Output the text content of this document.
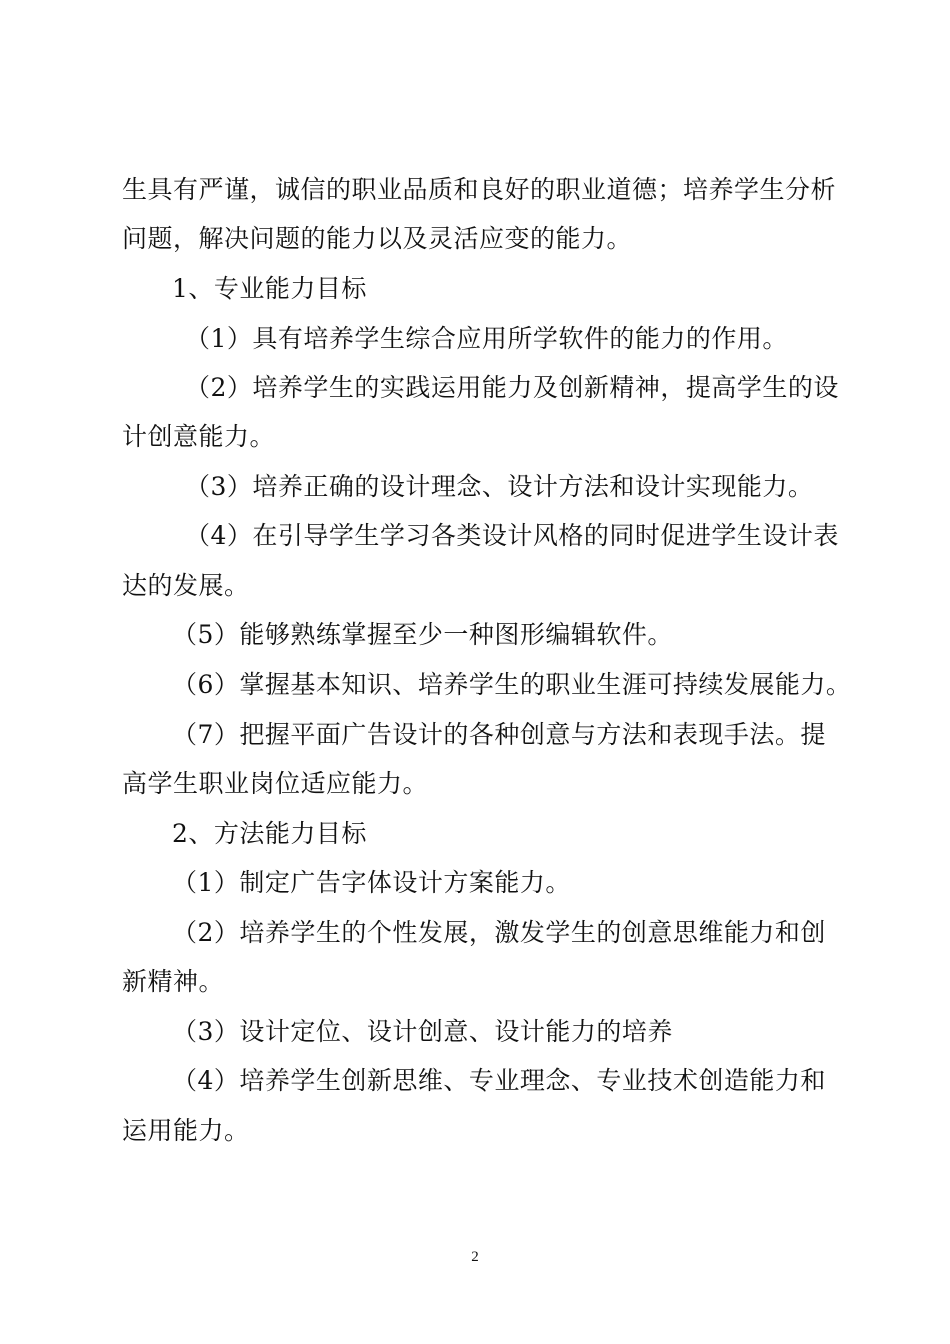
生具有严谨，诚信的职业品质和良好的职业道德；培养学生分析
问题，解决问题的能力以及灵活应变的能力。
1、专业能力目标
（1）具有培养学生综合应用所学软件的能力的作用。
（2）培养学生的实践运用能力及创新精神，提高学生的设
计创意能力。
（3）培养正确的设计理念、设计方法和设计实现能力。
（4）在引导学生学习各类设计风格的同时促进学生设计表
达的发展。
（5）能够熟练掌握至少一种图形编辑软件。
（6）掌握基本知识、培养学生的职业生涯可持续发展能力。
（7）把握平面广告设计的各种创意与方法和表现手法。提
高学生职业岗位适应能力。
2、方法能力目标
（1）制定广告字体设计方案能力。
（2）培养学生的个性发展，激发学生的创意思维能力和创
新精神。
（3）设计定位、设计创意、设计能力的培养
（4）培养学生创新思维、专业理念、专业技术创造能力和
运用能力。
2
